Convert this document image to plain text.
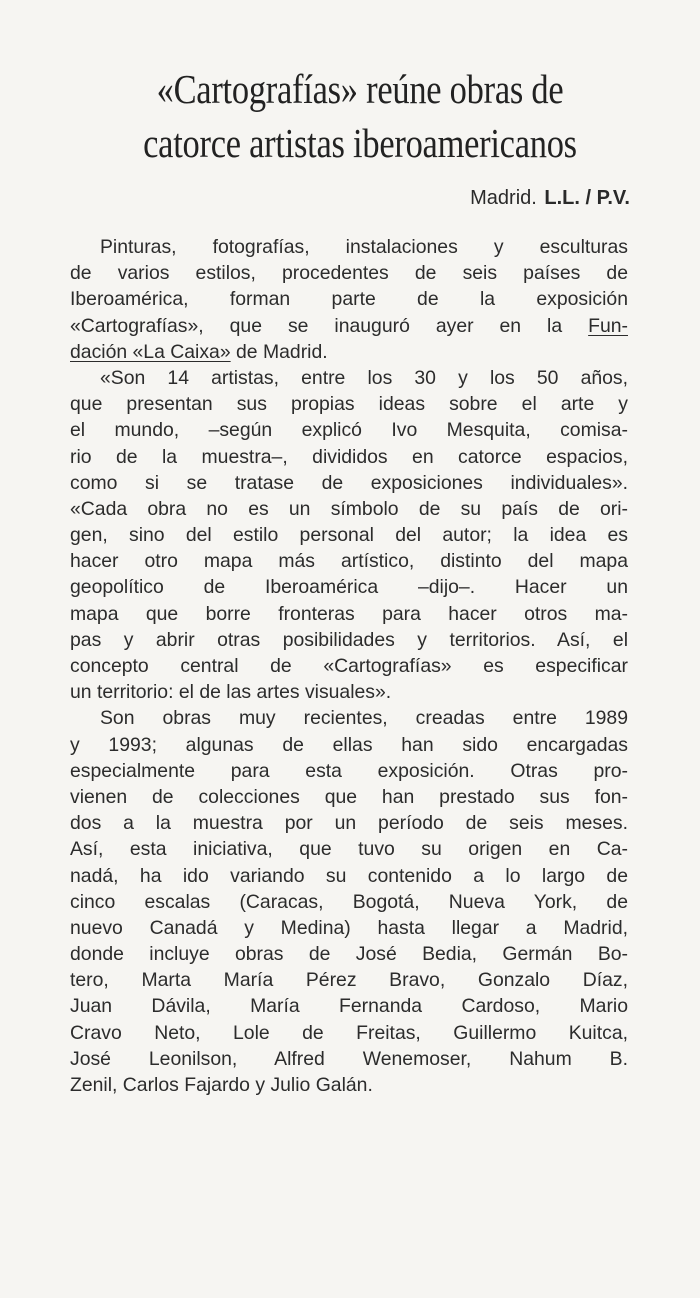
«Cartografías» reúne obras de
catorce artistas iberoamericanos
Madrid. L.L. / P.V.
Pinturas, fotografías, instalaciones y esculturas
de varios estilos, procedentes de seis países de
Iberoamérica, forman parte de la exposición
«Cartografías», que se inauguró ayer en la Fun-
dación «La Caixa» de Madrid.
«Son 14 artistas, entre los 30 y los 50 años,
que presentan sus propias ideas sobre el arte y
el mundo, –según explicó Ivo Mesquita, comisa-
rio de la muestra–, divididos en catorce espacios,
como si se tratase de exposiciones individuales».
«Cada obra no es un símbolo de su país de ori-
gen, sino del estilo personal del autor; la idea es
hacer otro mapa más artístico, distinto del mapa
geopolítico de Iberoamérica –dijo–. Hacer un
mapa que borre fronteras para hacer otros ma-
pas y abrir otras posibilidades y territorios. Así, el
concepto central de «Cartografías» es especificar
un territorio: el de las artes visuales».
Son obras muy recientes, creadas entre 1989
y 1993; algunas de ellas han sido encargadas
especialmente para esta exposición. Otras pro-
vienen de colecciones que han prestado sus fon-
dos a la muestra por un período de seis meses.
Así, esta iniciativa, que tuvo su origen en Ca-
nadá, ha ido variando su contenido a lo largo de
cinco escalas (Caracas, Bogotá, Nueva York, de
nuevo Canadá y Medina) hasta llegar a Madrid,
donde incluye obras de José Bedia, Germán Bo-
tero, Marta María Pérez Bravo, Gonzalo Díaz,
Juan Dávila, María Fernanda Cardoso, Mario
Cravo Neto, Lole de Freitas, Guillermo Kuitca,
José Leonilson, Alfred Wenemoser, Nahum B.
Zenil, Carlos Fajardo y Julio Galán.
